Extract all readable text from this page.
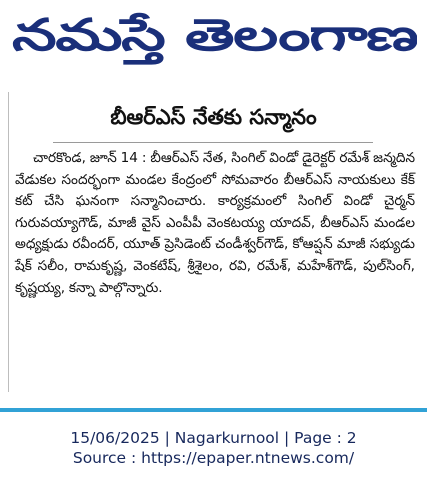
నమస్తే తెలంగాణ
బీఆర్ఎస్ నేతకు సన్మానం
చారకొండ, జూన్ 14 : బీఆర్ఎస్ నేత, సింగిల్ విండో డైరెక్టర్ రమేశ్ జన్మదిన వేడుకల సందర్భంగా మండల కేంద్రంలో సోమవారం బీఆర్ఎస్ నాయకులు కేక్ కట్ చేసి ఘనంగా సన్మానించారు. కార్యక్రమంలో సింగిల్ విండో చైర్మన్ గురువయ్యాగౌడ్, మాజీ వైస్ ఎంపీపీ వెంకటయ్య యాదవ్, బీఆర్ఎస్ మండల అధ్యక్షుడు రవీందర్, యూత్ ప్రెసిడెంట్ చండీశ్వర్‌గౌడ్, కోఆప్షన్ మాజీ సభ్యుడు షేక్ సలీం, రామకృష్ణ, వెంకటేష్, శ్రీశైలం, రవి, రమేశ్, మహేశ్‌గౌడ్, పుల్‌సింగ్, కృష్ణయ్య, కన్నా పాల్గొన్నారు.
15/06/2025 | Nagarkurnool | Page : 2
Source : https://epaper.ntnews.com/
